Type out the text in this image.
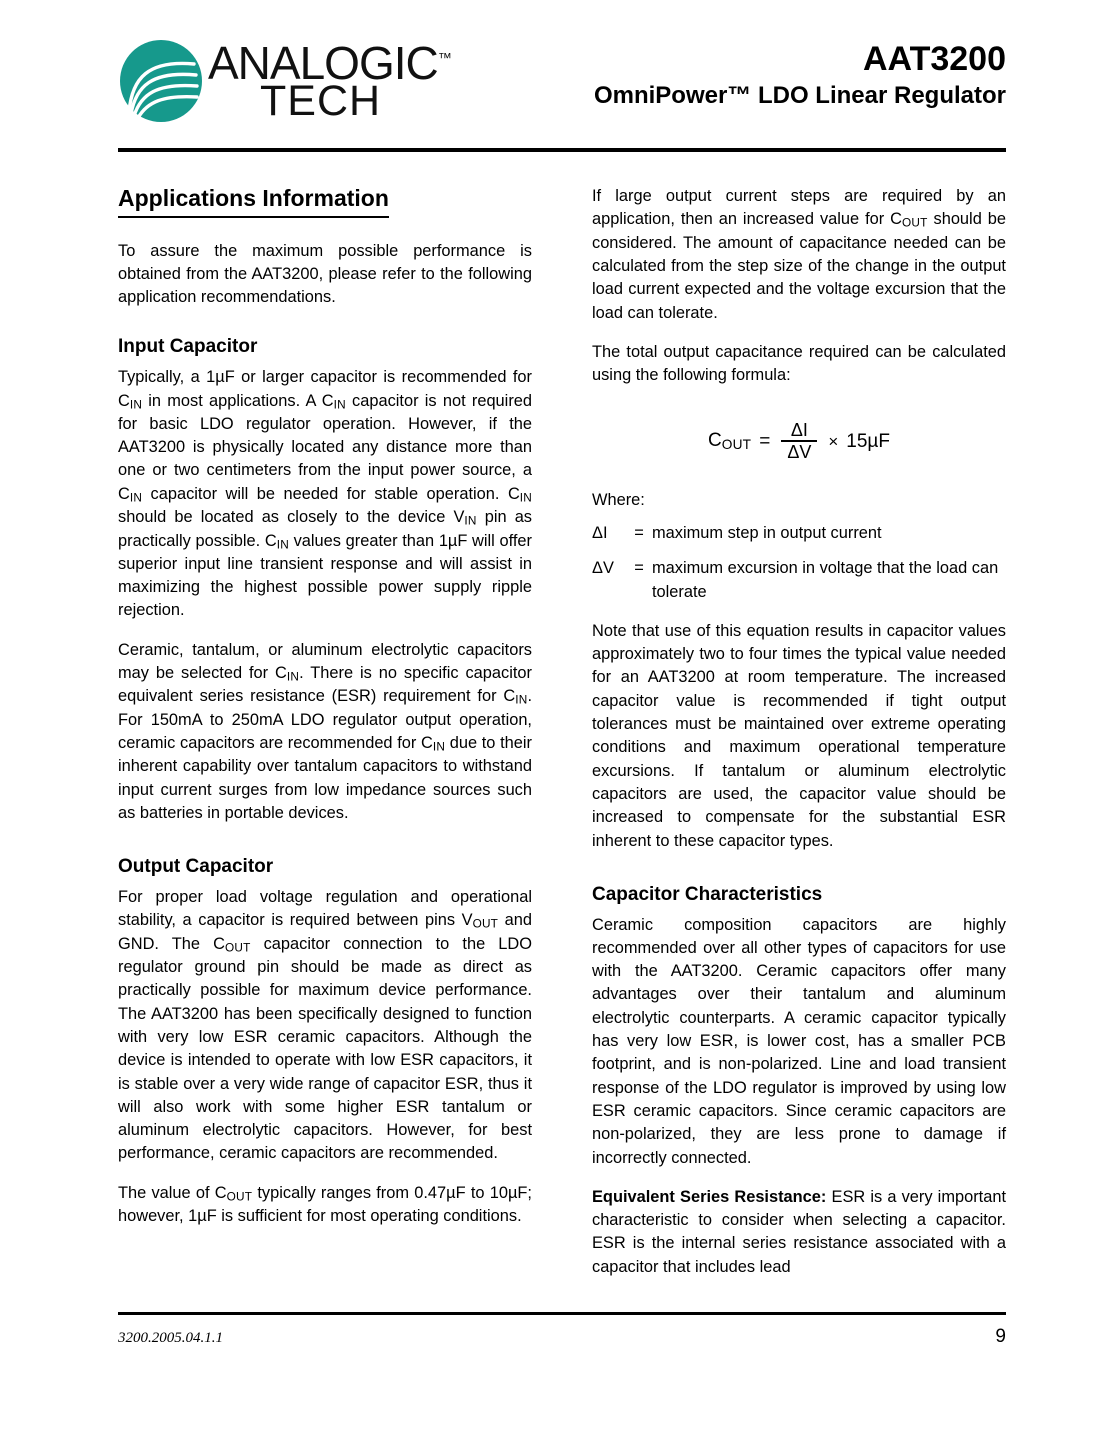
ANALOGIC™
TECH
AAT3200
OmniPower™ LDO Linear Regulator
Applications Information

To assure the maximum possible performance is obtained from the AAT3200, please refer to the following application recommendations.

Input Capacitor

Typically, a 1µF or larger capacitor is recommended for $C_{IN}$ in most applications. A $C_{IN}$ capacitor is not required for basic LDO regulator operation. However, if the AAT3200 is physically located any distance more than one or two centimeters from the input power source, a $C_{IN}$ capacitor will be needed for stable operation. $C_{IN}$ should be located as closely to the device $V_{IN}$ pin as practically possible. $C_{IN}$ values greater than 1µF will offer superior input line transient response and will assist in maximizing the highest possible power supply ripple rejection.

Ceramic, tantalum, or aluminum electrolytic capacitors may be selected for $C_{IN}$. There is no specific capacitor equivalent series resistance (ESR) requirement for $C_{IN}$. For 150mA to 250mA LDO regulator output operation, ceramic capacitors are recommended for $C_{IN}$ due to their inherent capability over tantalum capacitors to withstand input current surges from low impedance sources such as batteries in portable devices.

Output Capacitor

For proper load voltage regulation and operational stability, a capacitor is required between pins $V_{OUT}$ and GND. The $C_{OUT}$ capacitor connection to the LDO regulator ground pin should be made as direct as practically possible for maximum device performance. The AAT3200 has been specifically designed to function with very low ESR ceramic capacitors. Although the device is intended to operate with low ESR capacitors, it is stable over a very wide range of capacitor ESR, thus it will also work with some higher ESR tantalum or aluminum electrolytic capacitors. However, for best performance, ceramic capacitors are recommended.

The value of $C_{OUT}$ typically ranges from 0.47µF to 10µF; however, 1µF is sufficient for most operating conditions.

If large output current steps are required by an application, then an increased value for $C_{OUT}$ should be considered. The amount of capacitance needed can be calculated from the step size of the change in the output load current expected and the voltage excursion that the load can tolerate.

The total output capacitance required can be calculated using the following formula:

$C_{OUT} = \frac{\Delta I}{\Delta V} \times 15\mu F$
Where:
ΔI	= maximum step in output current
ΔV	= maximum excursion in voltage that the load can tolerate

Note that use of this equation results in capacitor values approximately two to four times the typical value needed for an AAT3200 at room temperature. The increased capacitor value is recommended if tight output tolerances must be maintained over extreme operating conditions and maximum operational temperature excursions. If tantalum or aluminum electrolytic capacitors are used, the capacitor value should be increased to compensate for the substantial ESR inherent to these capacitor types.

Capacitor Characteristics

Ceramic composition capacitors are highly recommended over all other types of capacitors for use with the AAT3200. Ceramic capacitors offer many advantages over their tantalum and aluminum electrolytic counterparts. A ceramic capacitor typically has very low ESR, is lower cost, has a smaller PCB footprint, and is non-polarized. Line and load transient response of the LDO regulator is improved by using low ESR ceramic capacitors. Since ceramic capacitors are non-polarized, they are less prone to damage if incorrectly connected.

Equivalent Series Resistance: ESR is a very important characteristic to consider when selecting a capacitor. ESR is the internal series resistance associated with a capacitor that includes lead

3200.2005.04.1.1	9
